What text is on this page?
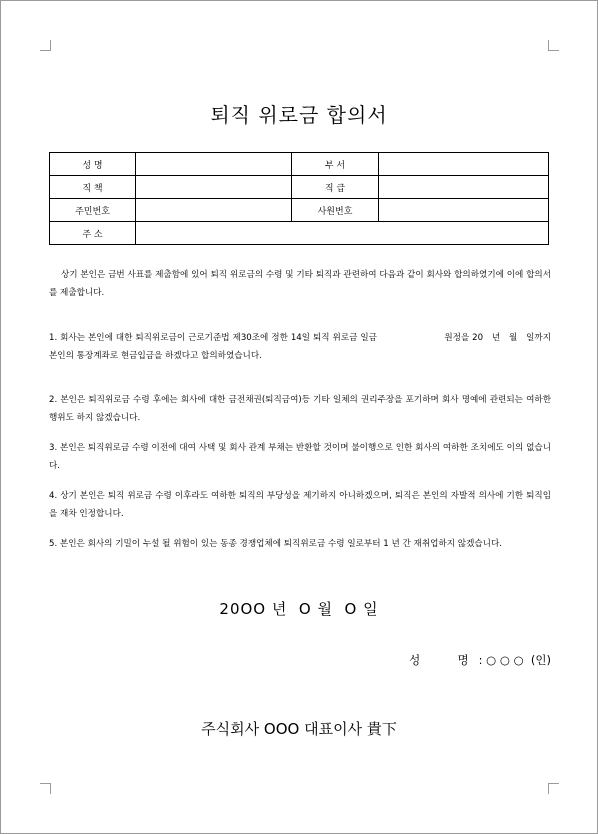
퇴직 위로금 합의서
성 명		부 서	
직 책		직 급	
주민번호		사원번호	
주 소			
상기 본인은 금번 사표를 제출함에 있어 퇴직 위로금의 수령 및 기타 퇴직과 관련하여 다음과 같이 회사와 합의하였기에 이에 합의서를 제출합니다.
1. 회사는 본인에 대한 퇴직위로금이 근로기준법 제30조에 정한 14일 퇴직 위로금 일금                       원정을 20   년   월   일까지 본인의 통장계좌로 현금입금을 하겠다고 합의하였습니다.
2. 본인은 퇴직위로금 수령 후에는 회사에 대한 금전채권(퇴직금여)등 기타 일체의 권리주장을 포기하며 회사 명예에 관련되는 여하한 행위도 하지 않겠습니다.
3. 본인은 퇴직위로금 수령 이전에 대여 사택 및 회사 관계 부채는 반환할 것이며 불이행으로 인한 회사의 여하한 조치에도 이의 없습니다.
4. 상기 본인은 퇴직 위로금 수령 이후라도 여하한 퇴직의 부당성을 제기하지 아니하겠으며, 퇴직은 본인의 자발적 의사에 기한 퇴직임을 재차 인정합니다.
5. 본인은 회사의 기밀이 누설 될 위험이 있는 동종 경쟁업체에 퇴직위로금 수령 일로부터 1 년 간 재취업하지 않겠습니다.
20OO 년  O 월  O 일
성  명: ○ ○ ○  (인)
주식회사 OOO 대표이사 貴下
